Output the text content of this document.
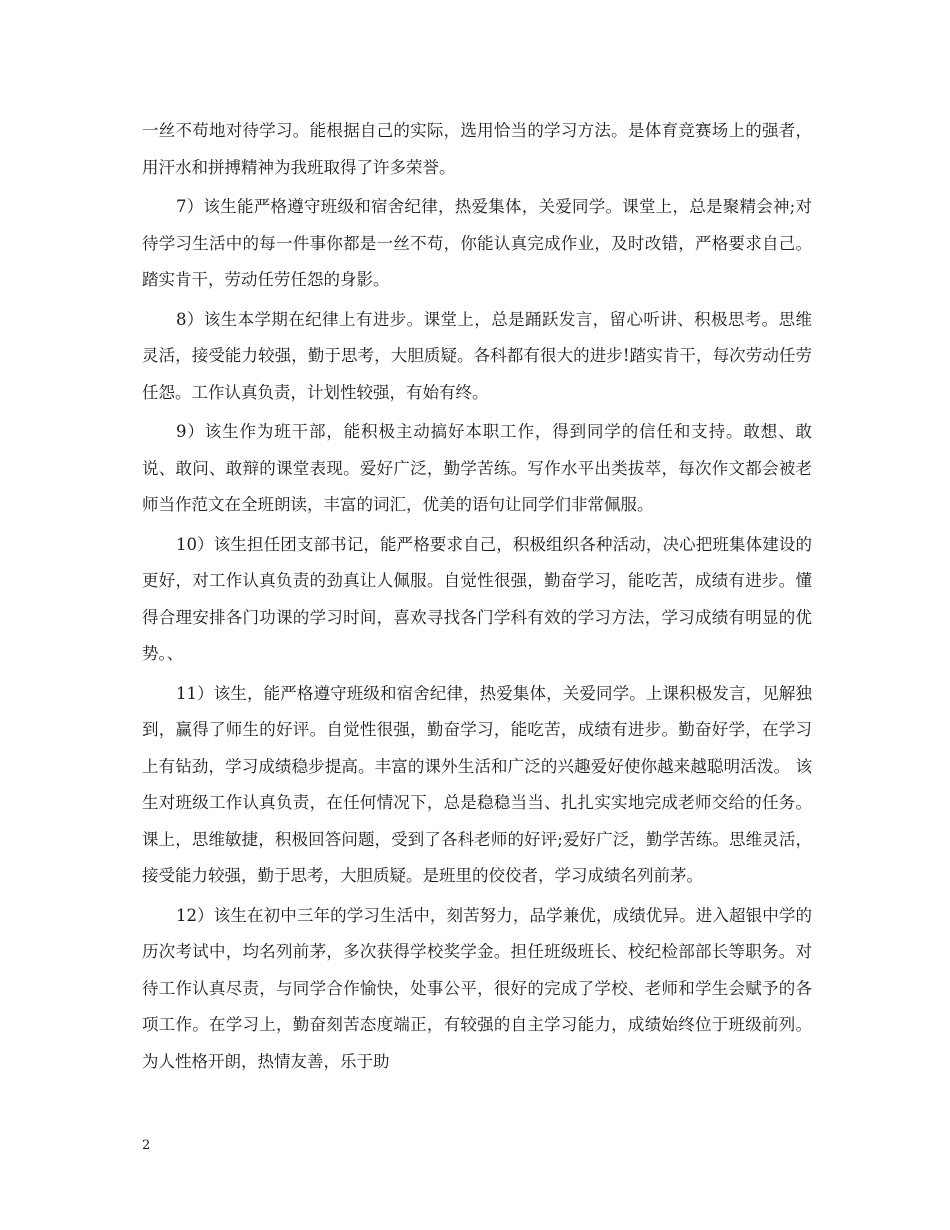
一丝不苟地对待学习。能根据自己的实际，选用恰当的学习方法。是体育竞赛场上的强者，用汗水和拼搏精神为我班取得了许多荣誉。

7）该生能严格遵守班级和宿舍纪律，热爱集体，关爱同学。课堂上，总是聚精会神;对待学习生活中的每一件事你都是一丝不苟，你能认真完成作业，及时改错，严格要求自己。踏实肯干，劳动任劳任怨的身影。

8）该生本学期在纪律上有进步。课堂上，总是踊跃发言，留心听讲、积极思考。思维灵活，接受能力较强，勤于思考，大胆质疑。各科都有很大的进步!踏实肯干，每次劳动任劳任怨。工作认真负责，计划性较强，有始有终。

9）该生作为班干部，能积极主动搞好本职工作，得到同学的信任和支持。敢想、敢说、敢问、敢辩的课堂表现。爱好广泛，勤学苦练。写作水平出类拔萃，每次作文都会被老师当作范文在全班朗读，丰富的词汇，优美的语句让同学们非常佩服。

10）该生担任团支部书记，能严格要求自己，积极组织各种活动，决心把班集体建设的更好，对工作认真负责的劲真让人佩服。自觉性很强，勤奋学习，能吃苦，成绩有进步。懂得合理安排各门功课的学习时间，喜欢寻找各门学科有效的学习方法，学习成绩有明显的优势。、

11）该生，能严格遵守班级和宿舍纪律，热爱集体，关爱同学。上课积极发言，见解独到，赢得了师生的好评。自觉性很强，勤奋学习，能吃苦，成绩有进步。勤奋好学，在学习上有钻劲，学习成绩稳步提高。丰富的课外生活和广泛的兴趣爱好使你越来越聪明活泼。 该生对班级工作认真负责，在任何情况下，总是稳稳当当、扎扎实实地完成老师交给的任务。课上，思维敏捷，积极回答问题，受到了各科老师的好评;爱好广泛，勤学苦练。思维灵活，接受能力较强，勤于思考，大胆质疑。是班里的佼佼者，学习成绩名列前茅。

12）该生在初中三年的学习生活中，刻苦努力，品学兼优，成绩优异。进入超银中学的历次考试中，均名列前茅，多次获得学校奖学金。担任班级班长、校纪检部部长等职务。对待工作认真尽责，与同学合作愉快，处事公平，很好的完成了学校、老师和学生会赋予的各项工作。在学习上，勤奋刻苦态度端正，有较强的自主学习能力，成绩始终位于班级前列。为人性格开朗，热情友善，乐于助

2
